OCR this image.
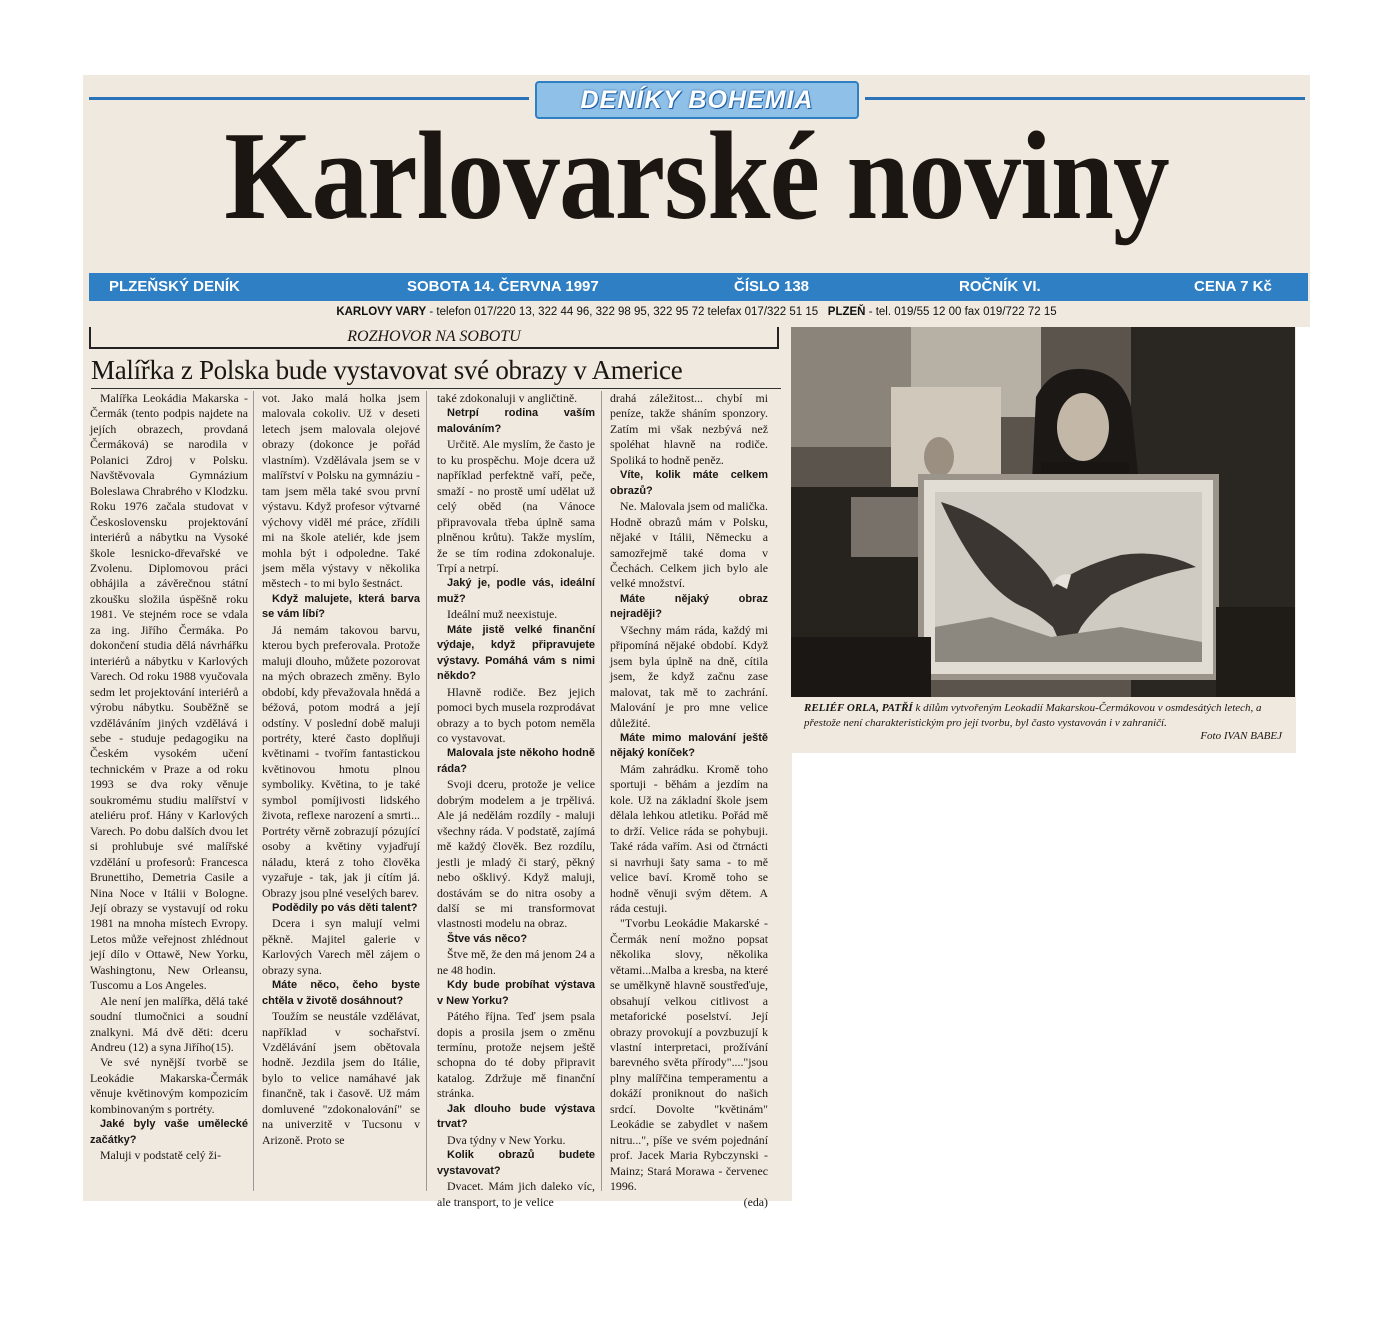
DENÍKY BOHEMIA
Karlovarské noviny
PLZEŇSKÝ DENÍK	SOBOTA 14. ČERVNA 1997	ČÍSLO 138	ROČNÍK VI.	CENA 7 Kč
KARLOVY VARY - telefon 017/220 13, 322 44 96, 322 98 95, 322 95 72 telefax 017/322 51 15 PLZEŇ - tel. 019/55 12 00 fax 019/722 72 15
ROZHOVOR NA SOBOTU
Malířka z Polska bude vystavovat své obrazy v Americe

Malířka Leokádia Makarska - Čermák (tento podpis najdete na jejích obrazech, provdaná Čermáková) se narodila v Polanici Zdroj v Polsku. Navštěvovala Gymnázium Boleslawa Chrabrého v Klodzku. Roku 1976 začala studovat v Československu projektování interiérů a nábytku na Vysoké škole lesnicko-dřevařské ve Zvolenu. Diplomovou práci obhájila a závěrečnou státní zkoušku složila úspěšně roku 1981. Ve stejném roce se vdala za ing. Jiřího Čermáka. Po dokončení studia dělá návrhářku interiérů a nábytku v Karlových Varech. Od roku 1988 vyučovala sedm let projektování interiérů a výrobu nábytku. Souběžně se vzděláváním jiných vzdělává i sebe - studuje pedagogiku na Českém vysokém učení technickém v Praze a od roku 1993 se dva roky věnuje soukromému studiu malířství v ateliéru prof. Hány v Karlových Varech. Po dobu dalších dvou let si prohlubuje své malířské vzdělání u profesorů: Francesca Brunettiho, Demetria Casile a Nina Noce v Itálii v Bologne. Její obrazy se vystavují od roku 1981 na mnoha místech Evropy. Letos může veřejnost zhlédnout její dílo v Ottawě, New Yorku, Washingtonu, New Orleansu, Tuscomu a Los Angeles.

Ale není jen malířka, dělá také soudní tlumočnici a soudní znalkyni. Má dvě děti: dceru Andreu (12) a syna Jiřího(15).

Ve své nynější tvorbě se Leokádie Makarska-Čermák věnuje květinovým kompozicím kombinovaným s portréty.

Jaké byly vaše umělecké začátky?

Maluji v podstatě celý ži-

vot. Jako malá holka jsem malovala cokoliv. Už v deseti letech jsem malovala olejové obrazy (dokonce je pořád vlastním). Vzdělávala jsem se v malířství v Polsku na gymnáziu - tam jsem měla také svou první výstavu. Když profesor výtvarné výchovy viděl mé práce, zřídili mi na škole ateliér, kde jsem mohla být i odpoledne. Také jsem měla výstavy v několika městech - to mi bylo šestnáct.

Když malujete, která barva se vám líbí?

Já nemám takovou barvu, kterou bych preferovala. Protože maluji dlouho, můžete pozorovat na mých obrazech změny. Bylo období, kdy převažovala hnědá a béžová, potom modrá a její odstíny. V poslední době maluji portréty, které často doplňuji květinami - tvořím fantastickou květinovou hmotu plnou symboliky. Květina, to je také symbol pomíjivosti lidského života, reflexe narození a smrti... Portréty věrně zobrazují pózující osoby a květiny vyjadřují náladu, která z toho člověka vyzařuje - tak, jak ji cítím já. Obrazy jsou plné veselých barev.

Podědily po vás děti talent?

Dcera i syn malují velmi pěkně. Majitel galerie v Karlových Varech měl zájem o obrazy syna.

Máte něco, čeho byste chtěla v životě dosáhnout?

Toužím se neustále vzdělávat, například v sochařství. Vzdělávání jsem obětovala hodně. Jezdila jsem do Itálie, bylo to velice namáhavé jak finančně, tak i časově. Už mám domluvené "zdokonalování" se na univerzitě v Tucsonu v Arizoně. Proto se

také zdokonaluji v angličtině.

Netrpí rodina vaším malováním?

Určitě. Ale myslím, že často je to ku prospěchu. Moje dcera už například perfektně vaří, peče, smaží - no prostě umí udělat už celý oběd (na Vánoce připravovala třeba úplně sama plněnou krůtu). Takže myslím, že se tím rodina zdokonaluje. Trpí a netrpí.

Jaký je, podle vás, ideální muž?

Ideální muž neexistuje.

Máte jistě velké finanční výdaje, když připravujete výstavy. Pomáhá vám s nimi někdo?

Hlavně rodiče. Bez jejich pomoci bych musela rozprodávat obrazy a to bych potom neměla co vystavovat.

Malovala jste někoho hodně ráda?

Svoji dceru, protože je velice dobrým modelem a je trpělivá. Ale já nedělám rozdíly - maluji všechny ráda. V podstatě, zajímá mě každý člověk. Bez rozdílu, jestli je mladý či starý, pěkný nebo ošklivý. Když maluji, dostávám se do nitra osoby a další se mi transformovat vlastnosti modelu na obraz.

Štve vás něco?

Štve mě, že den má jenom 24 a ne 48 hodin.

Kdy bude probíhat výstava v New Yorku?

Pátého října. Teď jsem psala dopis a prosila jsem o změnu termínu, protože nejsem ještě schopna do té doby připravit katalog. Zdržuje mě finanční stránka.

Jak dlouho bude výstava trvat?

Dva týdny v New Yorku.

Kolik obrazů budete vystavovat?

Dvacet. Mám jich daleko víc, ale transport, to je velice

drahá záležitost... chybí mi peníze, takže sháním sponzory. Zatím mi však nezbývá než spoléhat hlavně na rodiče. Spoliká to hodně peněz.

Víte, kolik máte celkem obrazů?

Ne. Malovala jsem od malička. Hodně obrazů mám v Polsku, nějaké v Itálii, Německu a samozřejmě také doma v Čechách. Celkem jich bylo ale velké množství.

Máte nějaký obraz nejraději?

Všechny mám ráda, každý mi připomíná nějaké období. Když jsem byla úplně na dně, cítila jsem, že když začnu zase malovat, tak mě to zachrání. Malování je pro mne velice důležité.

Máte mimo malování ještě nějaký koníček?

Mám zahrádku. Kromě toho sportuji - běhám a jezdím na kole. Už na základní škole jsem dělala lehkou atletiku. Pořád mě to drží. Velice ráda se pohybuji. Také ráda vařím. Asi od čtrnácti si navrhuji šaty sama - to mě velice baví. Kromě toho se hodně věnuji svým dětem. A ráda cestuji.

"Tvorbu Leokádie Makarské - Čermák není možno popsat několika slovy, několika větami...Malba a kresba, na které se umělkyně hlavně soustřeďuje, obsahují velkou citlivost a metaforické poselství. Její obrazy provokují a povzbuzují k vlastní interpretaci, prožívání barevného světa přírody"...."jsou plny malířčina temperamentu a dokáží proniknout do našich srdcí. Dovolte "květinám" Leokádie se zabydlet v našem nitru...", píše ve svém pojednání prof. Jacek Maria Rybczynski - Mainz; Stará Morawa - červenec 1996.

(eda)

RELIÉF ORLA, PATŘÍ k dílům vytvořeným Leokadií Makarskou-Čermákovou v osmdesátých letech, a přestože není charakteristickým pro její tvorbu, byl často vystavován i v zahraničí.
Foto IVAN BABEJ
